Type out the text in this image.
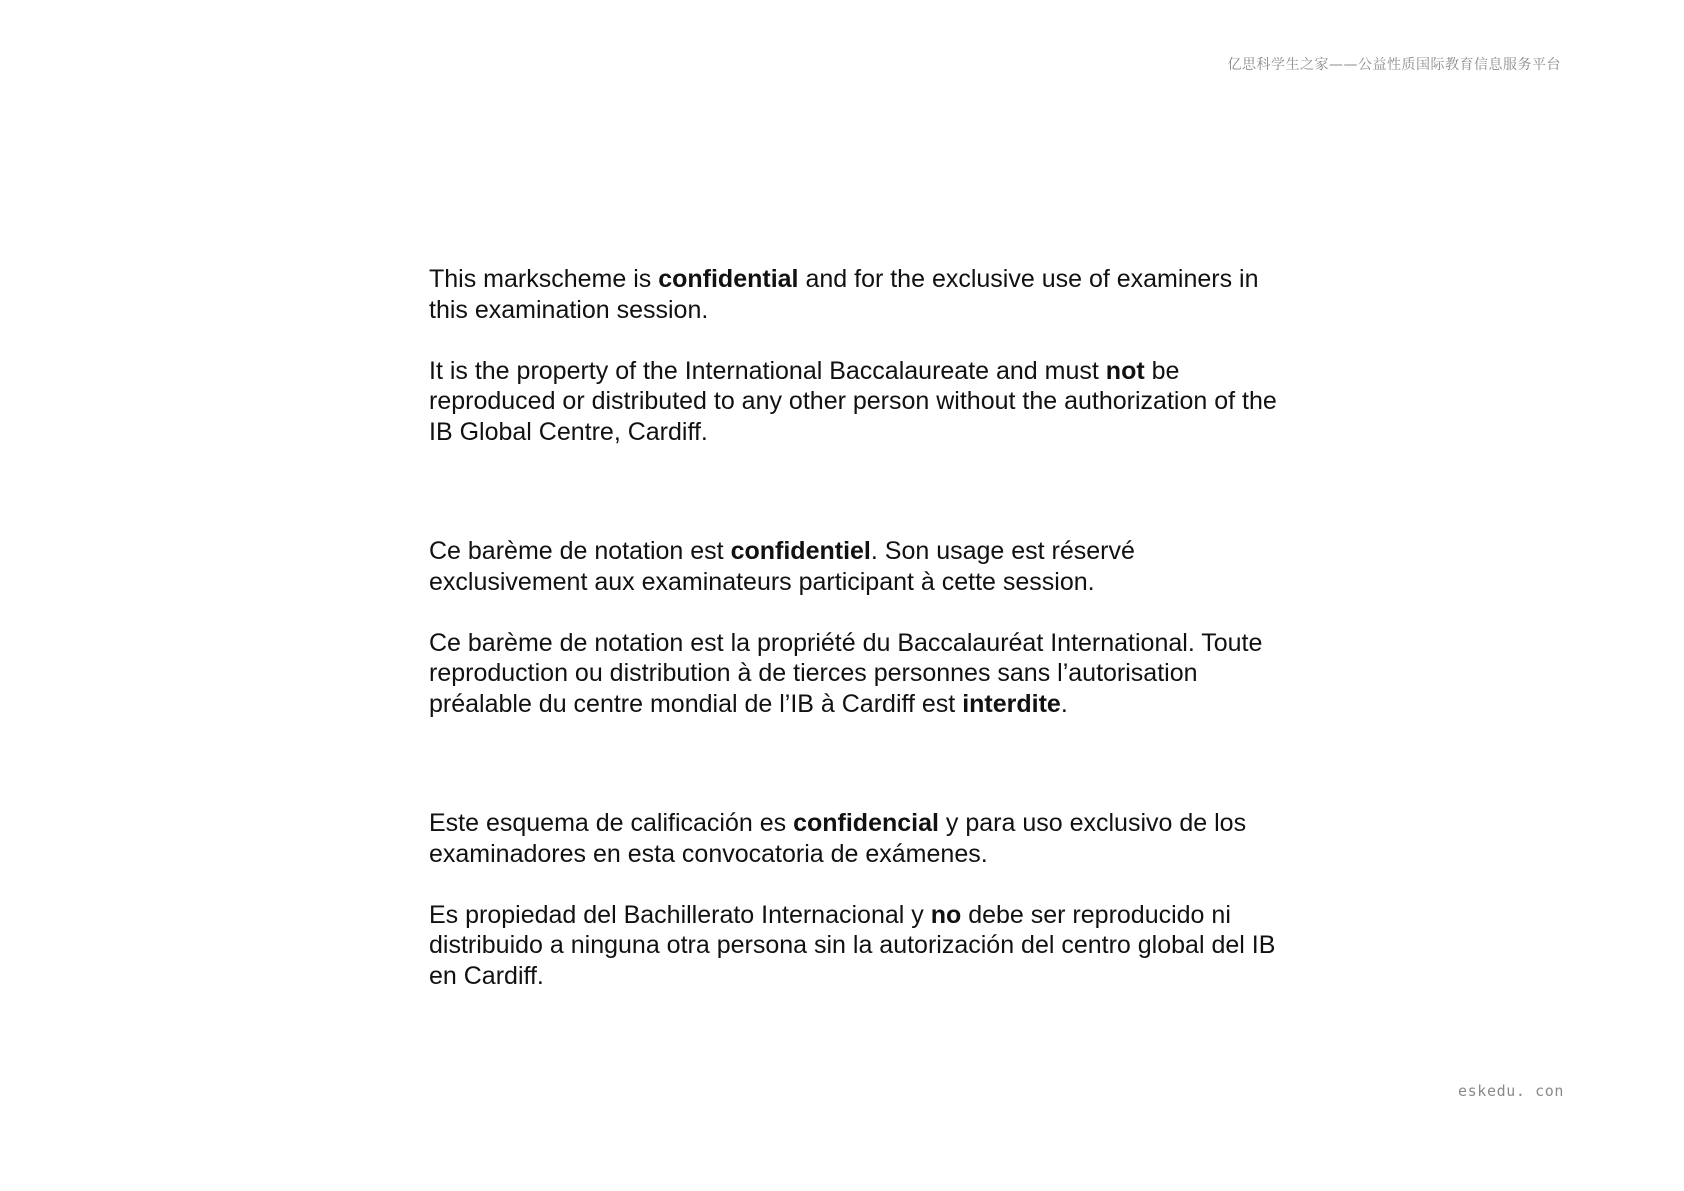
亿思科学生之家——公益性质国际教育信息服务平台

This markscheme is confidential and for the exclusive use of examiners in this examination session.

It is the property of the International Baccalaureate and must not be reproduced or distributed to any other person without the authorization of the IB Global Centre, Cardiff.

Ce barème de notation est confidentiel. Son usage est réservé exclusivement aux examinateurs participant à cette session.

Ce barème de notation est la propriété du Baccalauréat International. Toute reproduction ou distribution à de tierces personnes sans l’autorisation préalable du centre mondial de l’IB à Cardiff est interdite.

Este esquema de calificación es confidencial y para uso exclusivo de los examinadores en esta convocatoria de exámenes.

Es propiedad del Bachillerato Internacional y no debe ser reproducido ni distribuido a ninguna otra persona sin la autorización del centro global del IB en Cardiff.

eskedu. con
